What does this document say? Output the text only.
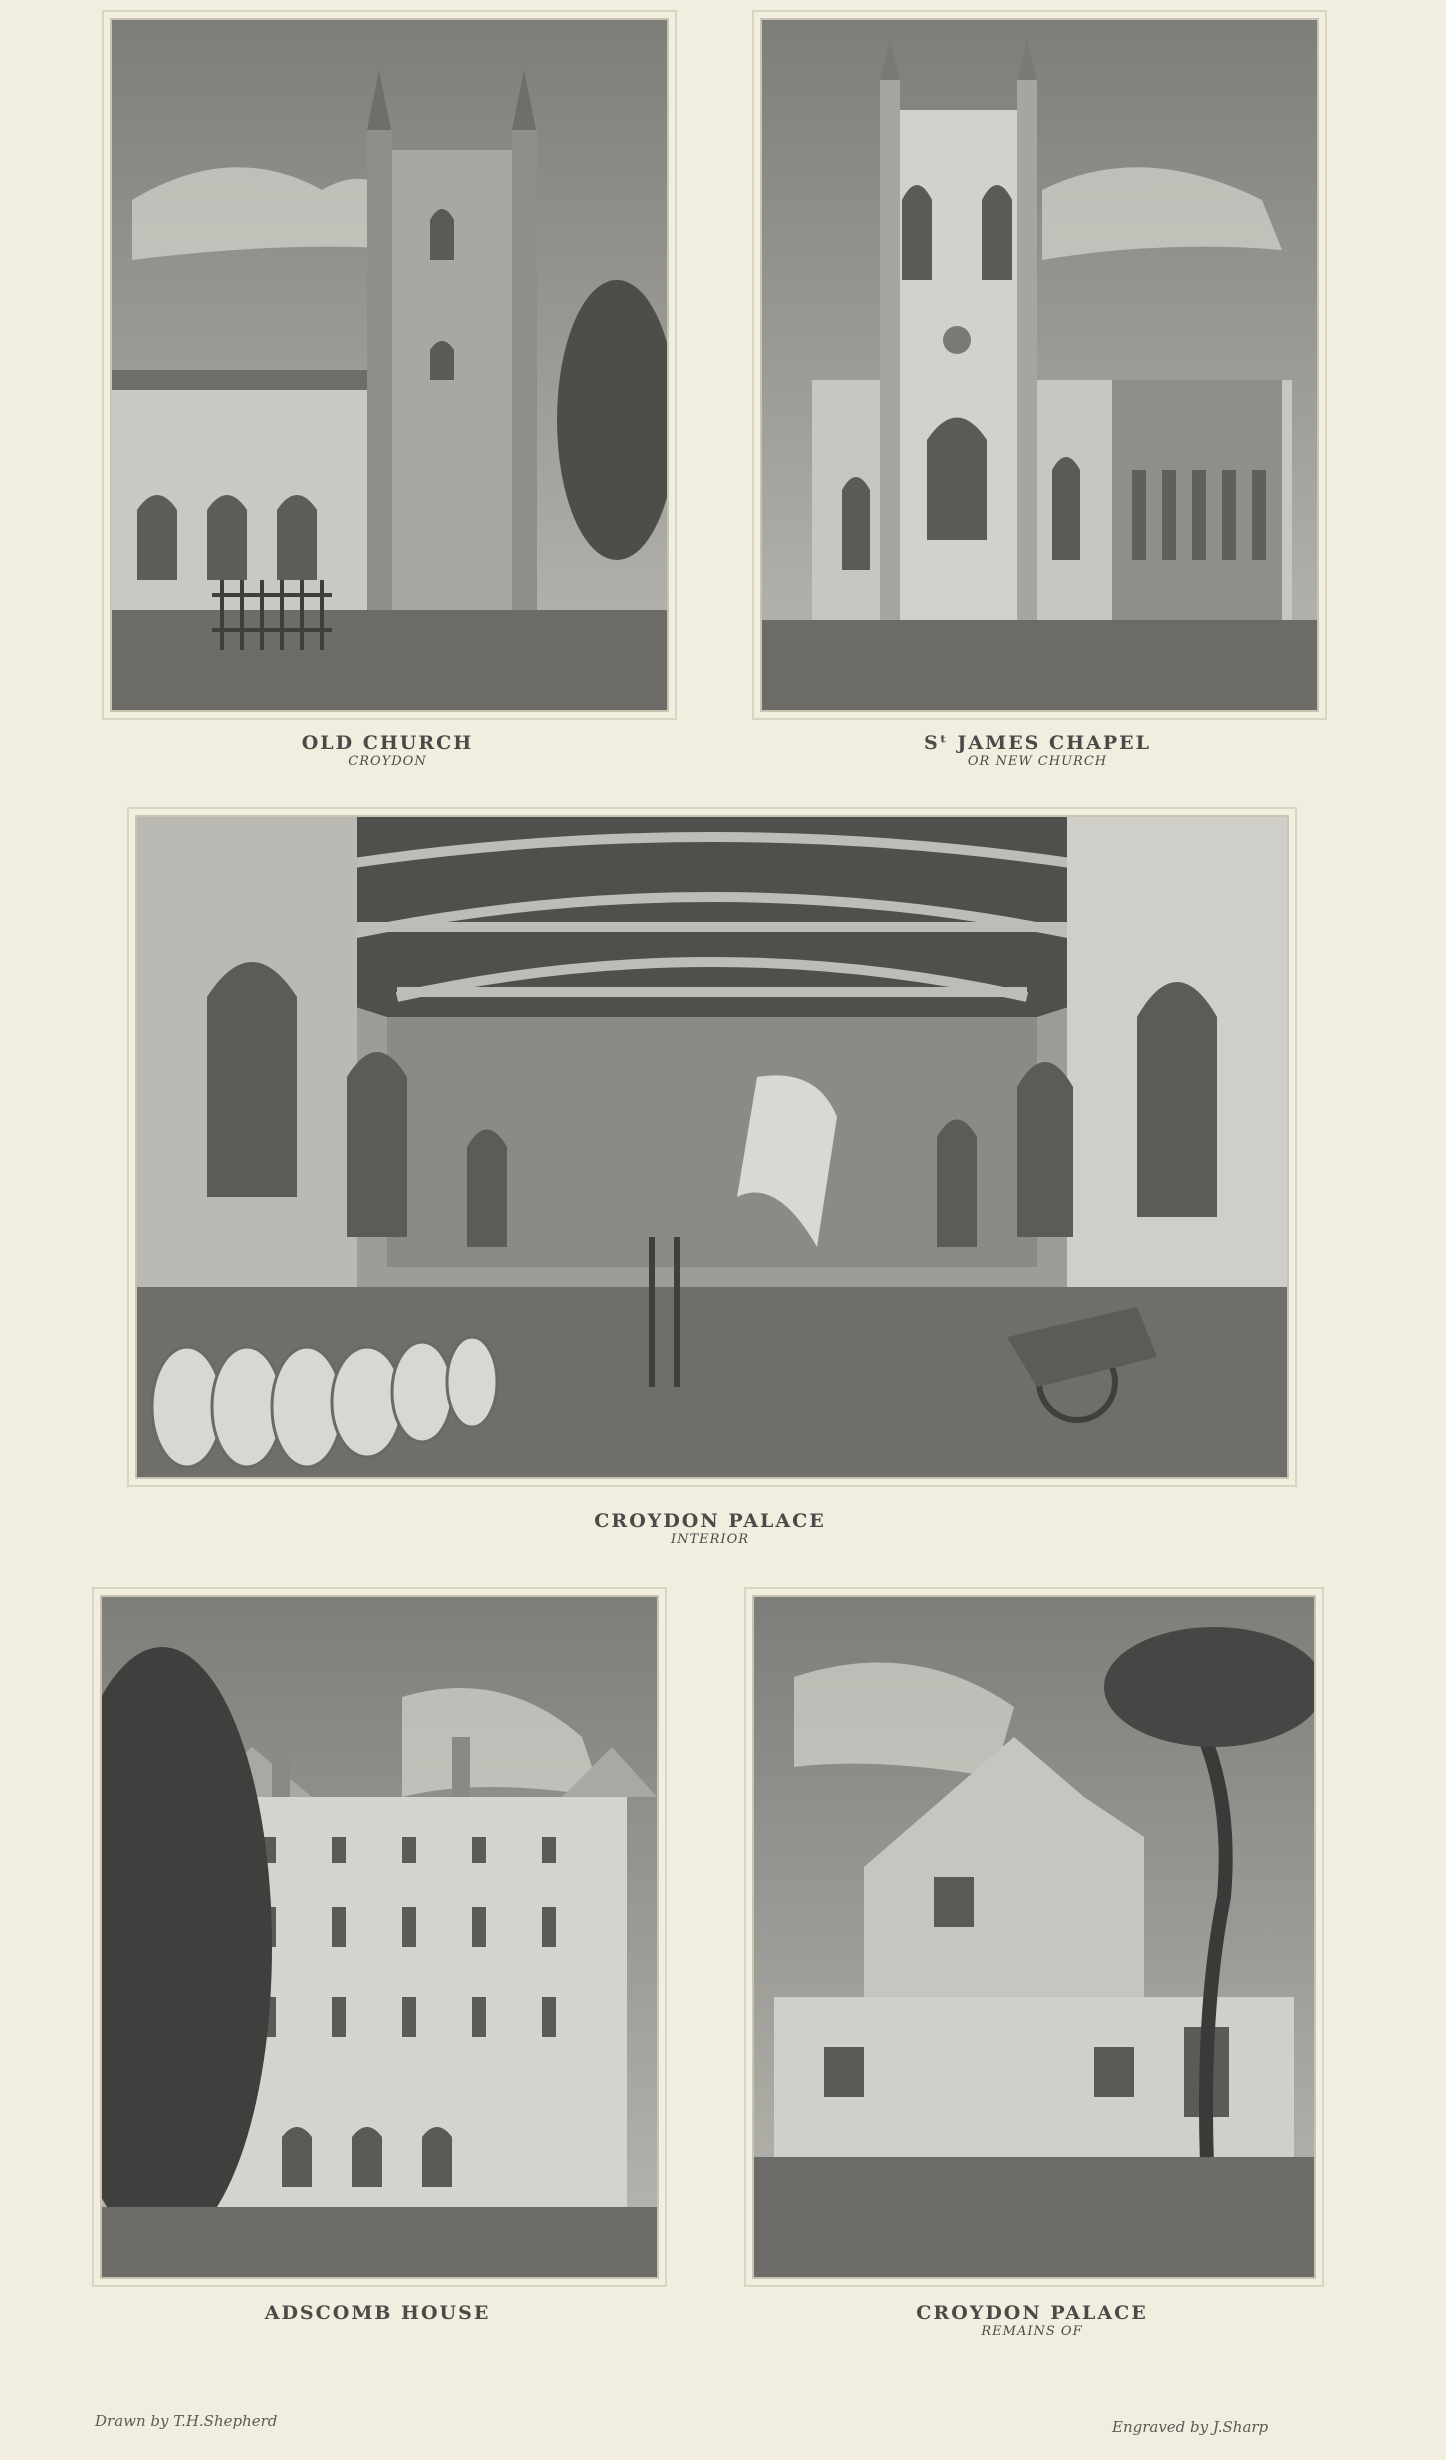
OLD CHURCH
CROYDON
Sᵗ JAMES CHAPEL
OR NEW CHURCH
CROYDON PALACE
INTERIOR
ADSCOMB HOUSE	CROYDON PALACE
REMAINS OF
Drawn by T.H.Shepherd	Engraved by J.Sharp
